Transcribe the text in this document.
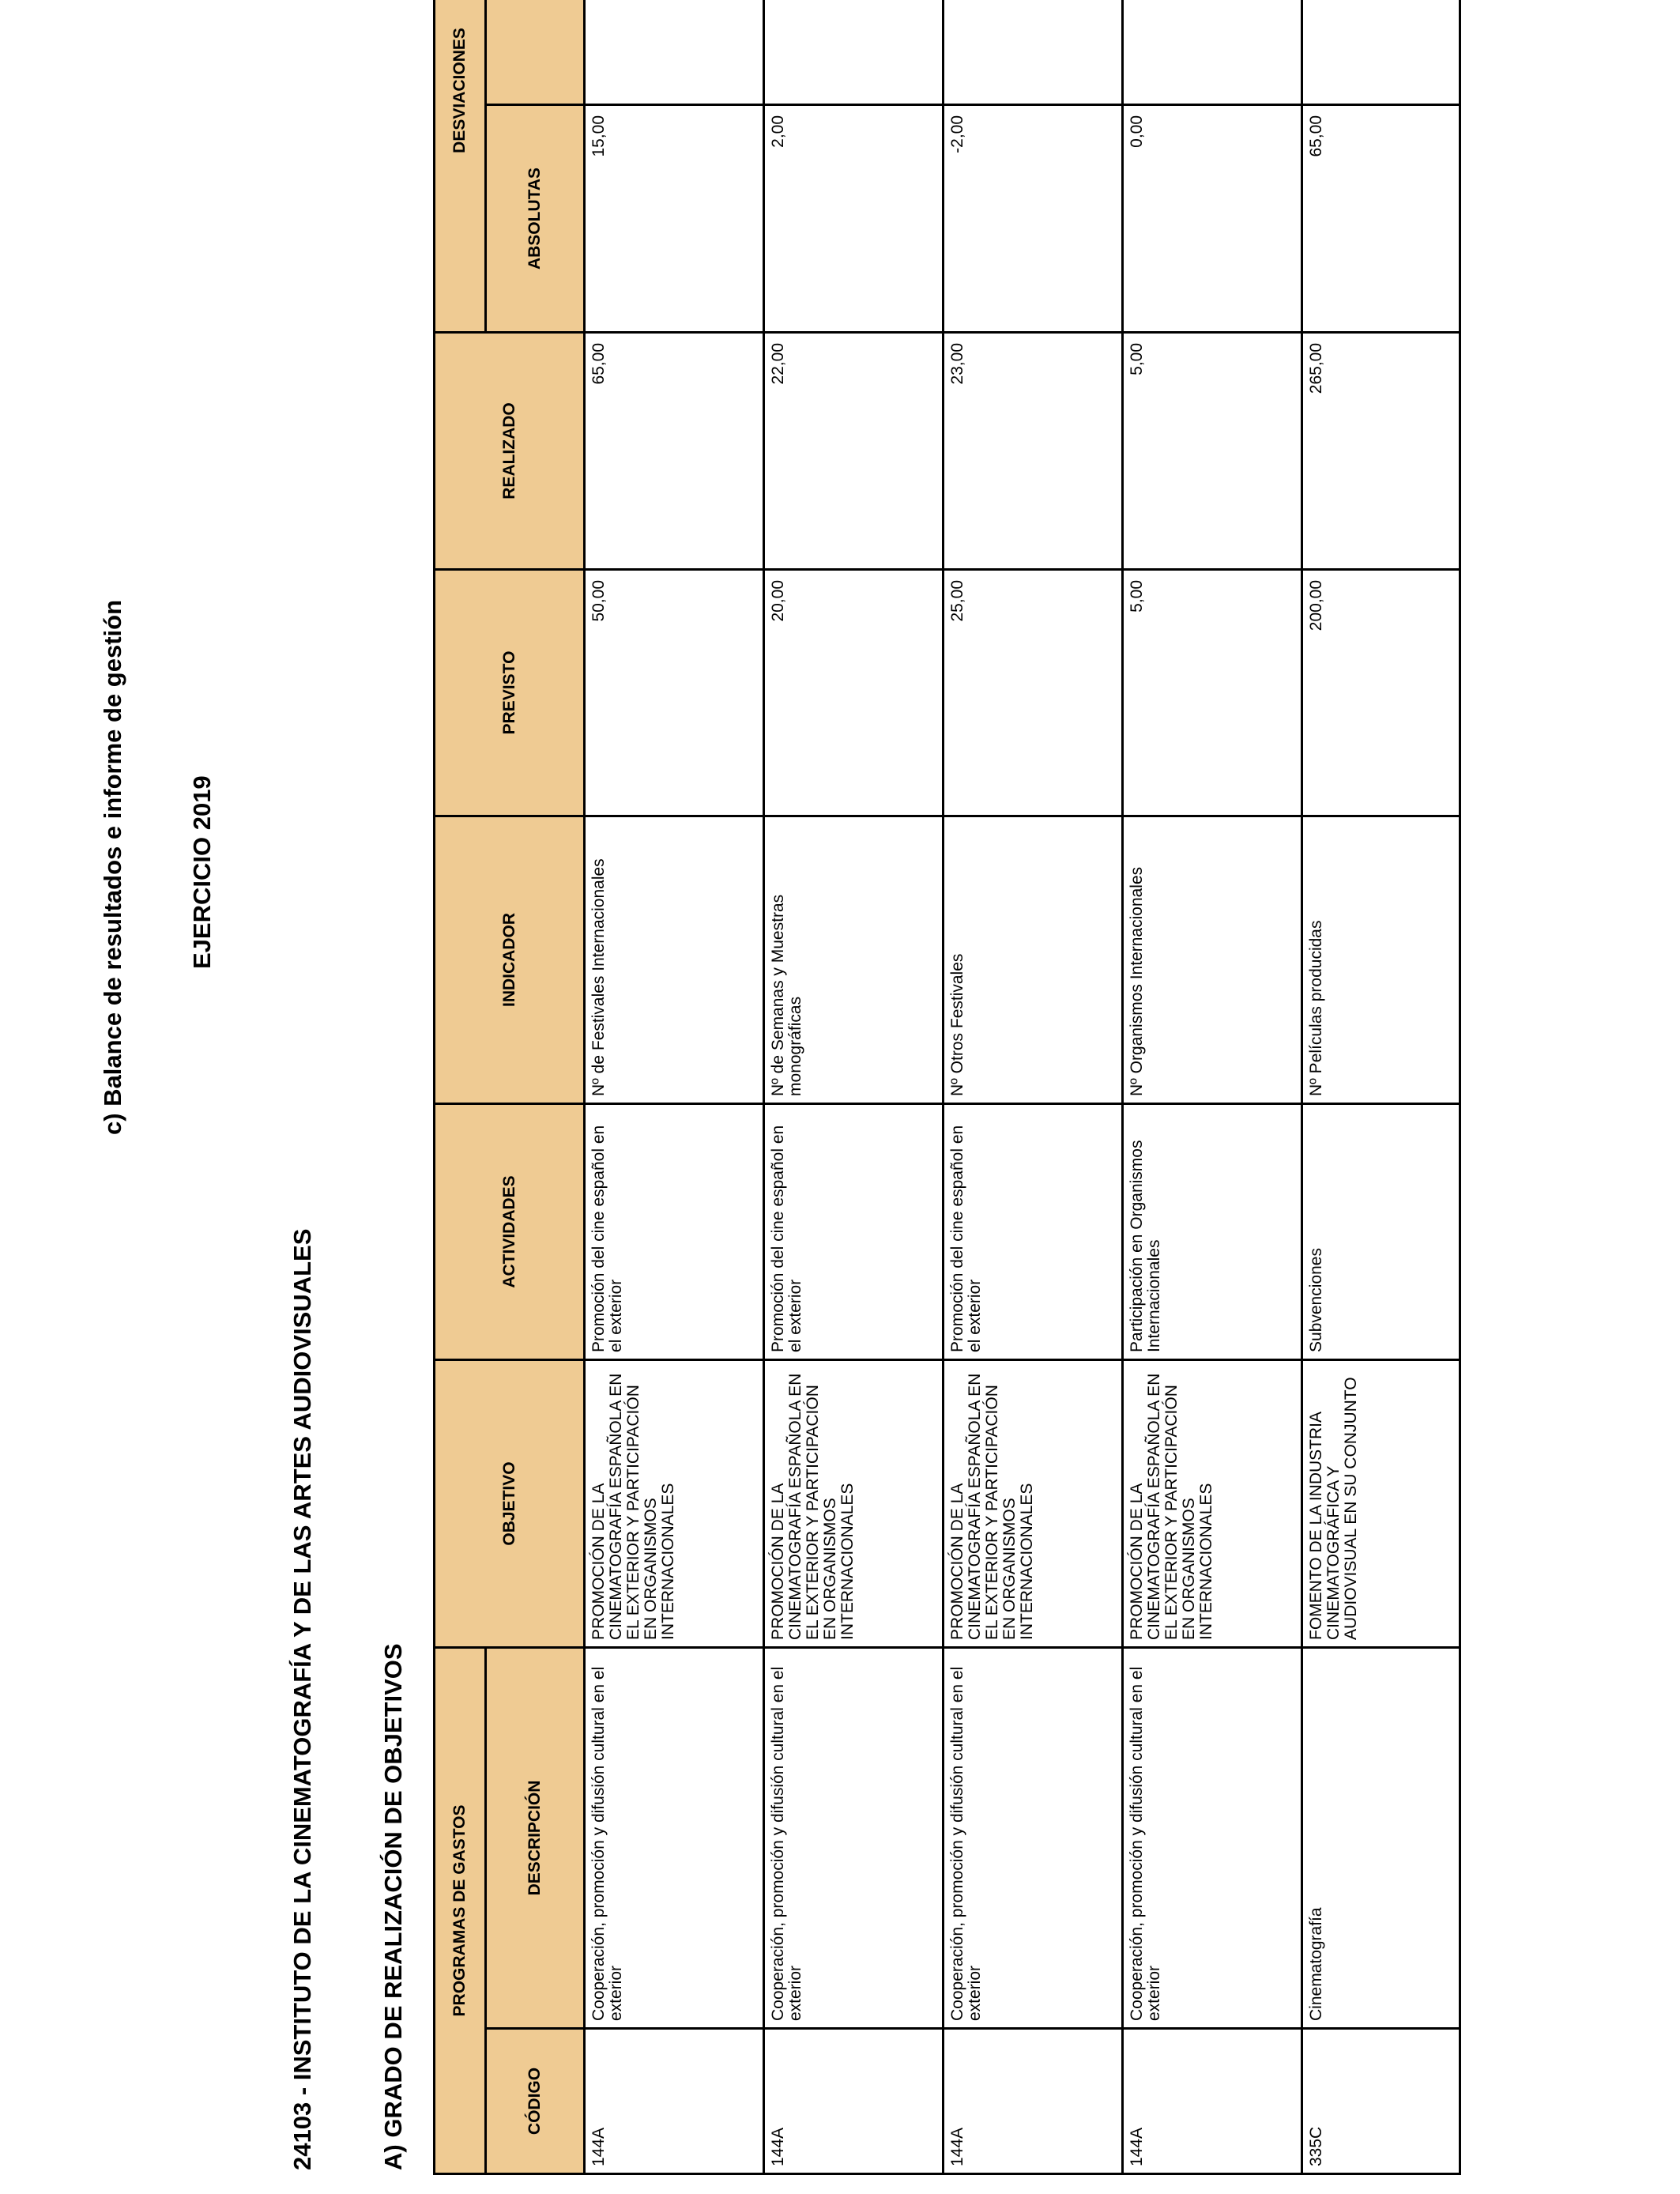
c) Balance de resultados e informe de gestión	EJERCICIO 2019
24103 - INSTITUTO DE LA CINEMATOGRAFÍA Y DE LAS ARTES AUDIOVISUALES	A) GRADO DE REALIZACIÓN DE OBJETIVOS	PROGRAMAS DE GASTOS		OBJETIVO	ACTIVIDADES	INDICADOR	PREVISTO	REALIZADO	DESVIACIONES	
CÓDIGO	DESCRIPCIÓN						ABSOLUTAS	
144A	Cooperación, promoción y difusión cultural en el exterior	PROMOCIÓN DE LA CINEMATOGRAFÍA ESPAÑOLA EN EL EXTERIOR Y PARTICIPACIÓN EN ORGANISMOS INTERNACIONALES	Promoción del cine español en el exterior	Nº de Festivales Internacionales	50,00	65,00	15,00	
144A	Cooperación, promoción y difusión cultural en el exterior	PROMOCIÓN DE LA CINEMATOGRAFÍA ESPAÑOLA EN EL EXTERIOR Y PARTICIPACIÓN EN ORGANISMOS INTERNACIONALES	Promoción del cine español en el exterior	Nº de Semanas y Muestras monográficas	20,00	22,00	2,00	
144A	Cooperación, promoción y difusión cultural en el exterior	PROMOCIÓN DE LA CINEMATOGRAFÍA ESPAÑOLA EN EL EXTERIOR Y PARTICIPACIÓN EN ORGANISMOS INTERNACIONALES	Promoción del cine español en el exterior	Nº Otros Festivales	25,00	23,00	-2,00	
144A	Cooperación, promoción y difusión cultural en el exterior	PROMOCIÓN DE LA CINEMATOGRAFÍA ESPAÑOLA EN EL EXTERIOR Y PARTICIPACIÓN EN ORGANISMOS INTERNACIONALES	Participación en Organismos Internacionales	Nº Organismos Internacionales	5,00	5,00	0,00	
335C	Cinematografía	FOMENTO DE LA INDUSTRIA CINEMATOGRÁFICA Y AUDIOVISUAL EN SU CONJUNTO	Subvenciones	Nº Películas producidas	200,00	265,00	65,00	
